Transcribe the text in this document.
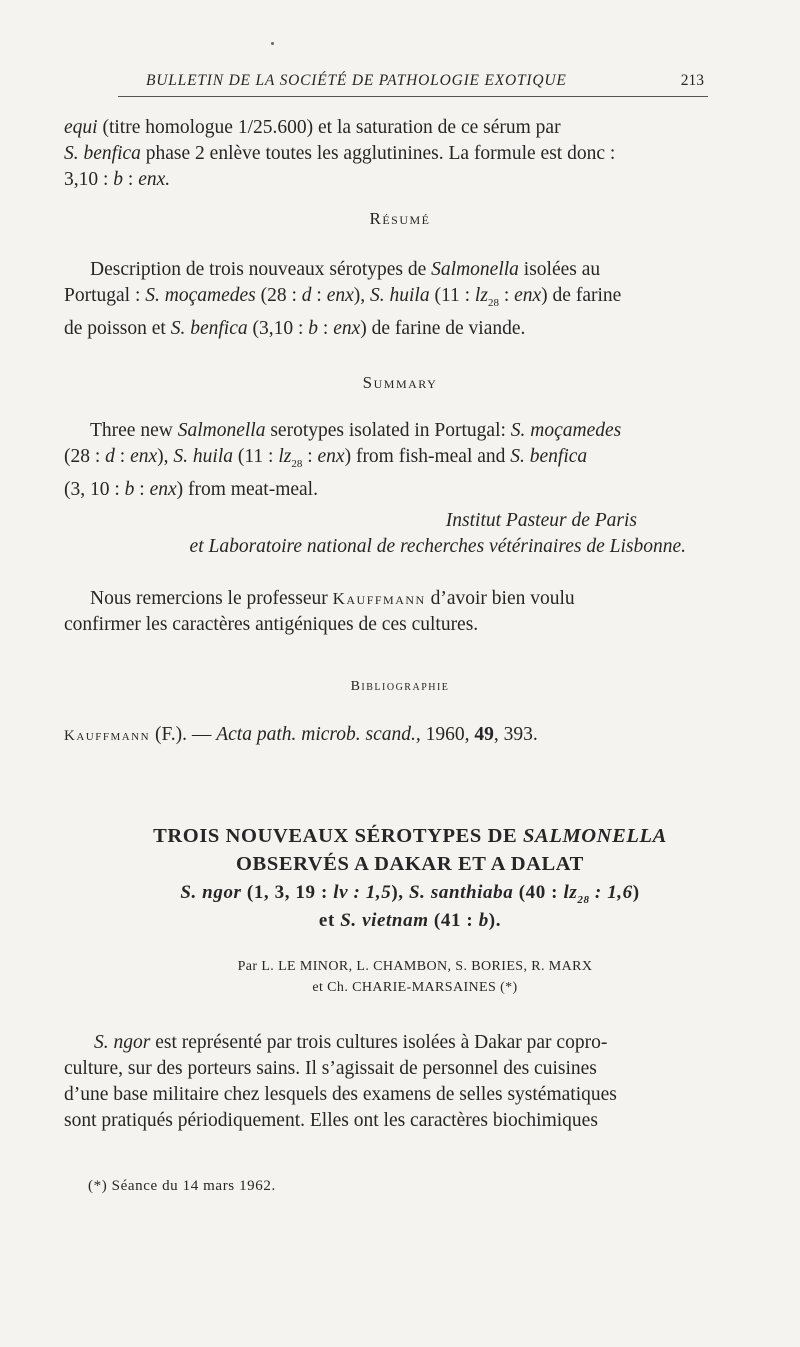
BULLETIN DE LA SOCIÉTÉ DE PATHOLOGIE EXOTIQUE	213
equi (titre homologue 1/25.600) et la saturation de ce sérum par
S. benfica phase 2 enlève toutes les agglutinines. La formule est donc :
3,10 : b : enx.
Résumé
Description de trois nouveaux sérotypes de Salmonella isolées au
Portugal : S. moçamedes (28 : d : enx), S. huila (11 : $lz_{28}$ : enx) de farine
de poisson et S. benfica (3,10 : b : enx) de farine de viande.
Summary
Three new Salmonella serotypes isolated in Portugal: S. moçamedes
(28 : d : enx), S. huila (11 : $lz_{28}$ : enx) from fish-meal and S. benfica
(3, 10 : b : enx) from meat-meal.
Institut Pasteur de Paris
et Laboratoire national de recherches vétérinaires de Lisbonne.
Nous remercions le professeur Kauffmann d’avoir bien voulu
confirmer les caractères antigéniques de ces cultures.
Bibliographie
Kauffmann (F.). — Acta path. microb. scand., 1960, 49, 393.
TROIS NOUVEAUX SÉROTYPES DE SALMONELLA
OBSERVÉS A DAKAR ET A DALAT
S. ngor (1, 3, 19 : lv : 1,5), S. santhiaba (40 : $lz_{28}$ : 1,6)
et S. vietnam (41 : b).
Par L. LE MINOR, L. CHAMBON, S. BORIES, R. MARX
et Ch. CHARIE-MARSAINES (*)
S. ngor est représenté par trois cultures isolées à Dakar par copro-
culture, sur des porteurs sains. Il s’agissait de personnel des cuisines
d’une base militaire chez lesquels des examens de selles systématiques
sont pratiqués périodiquement. Elles ont les caractères biochimiques
(*) Séance du 14 mars 1962.
